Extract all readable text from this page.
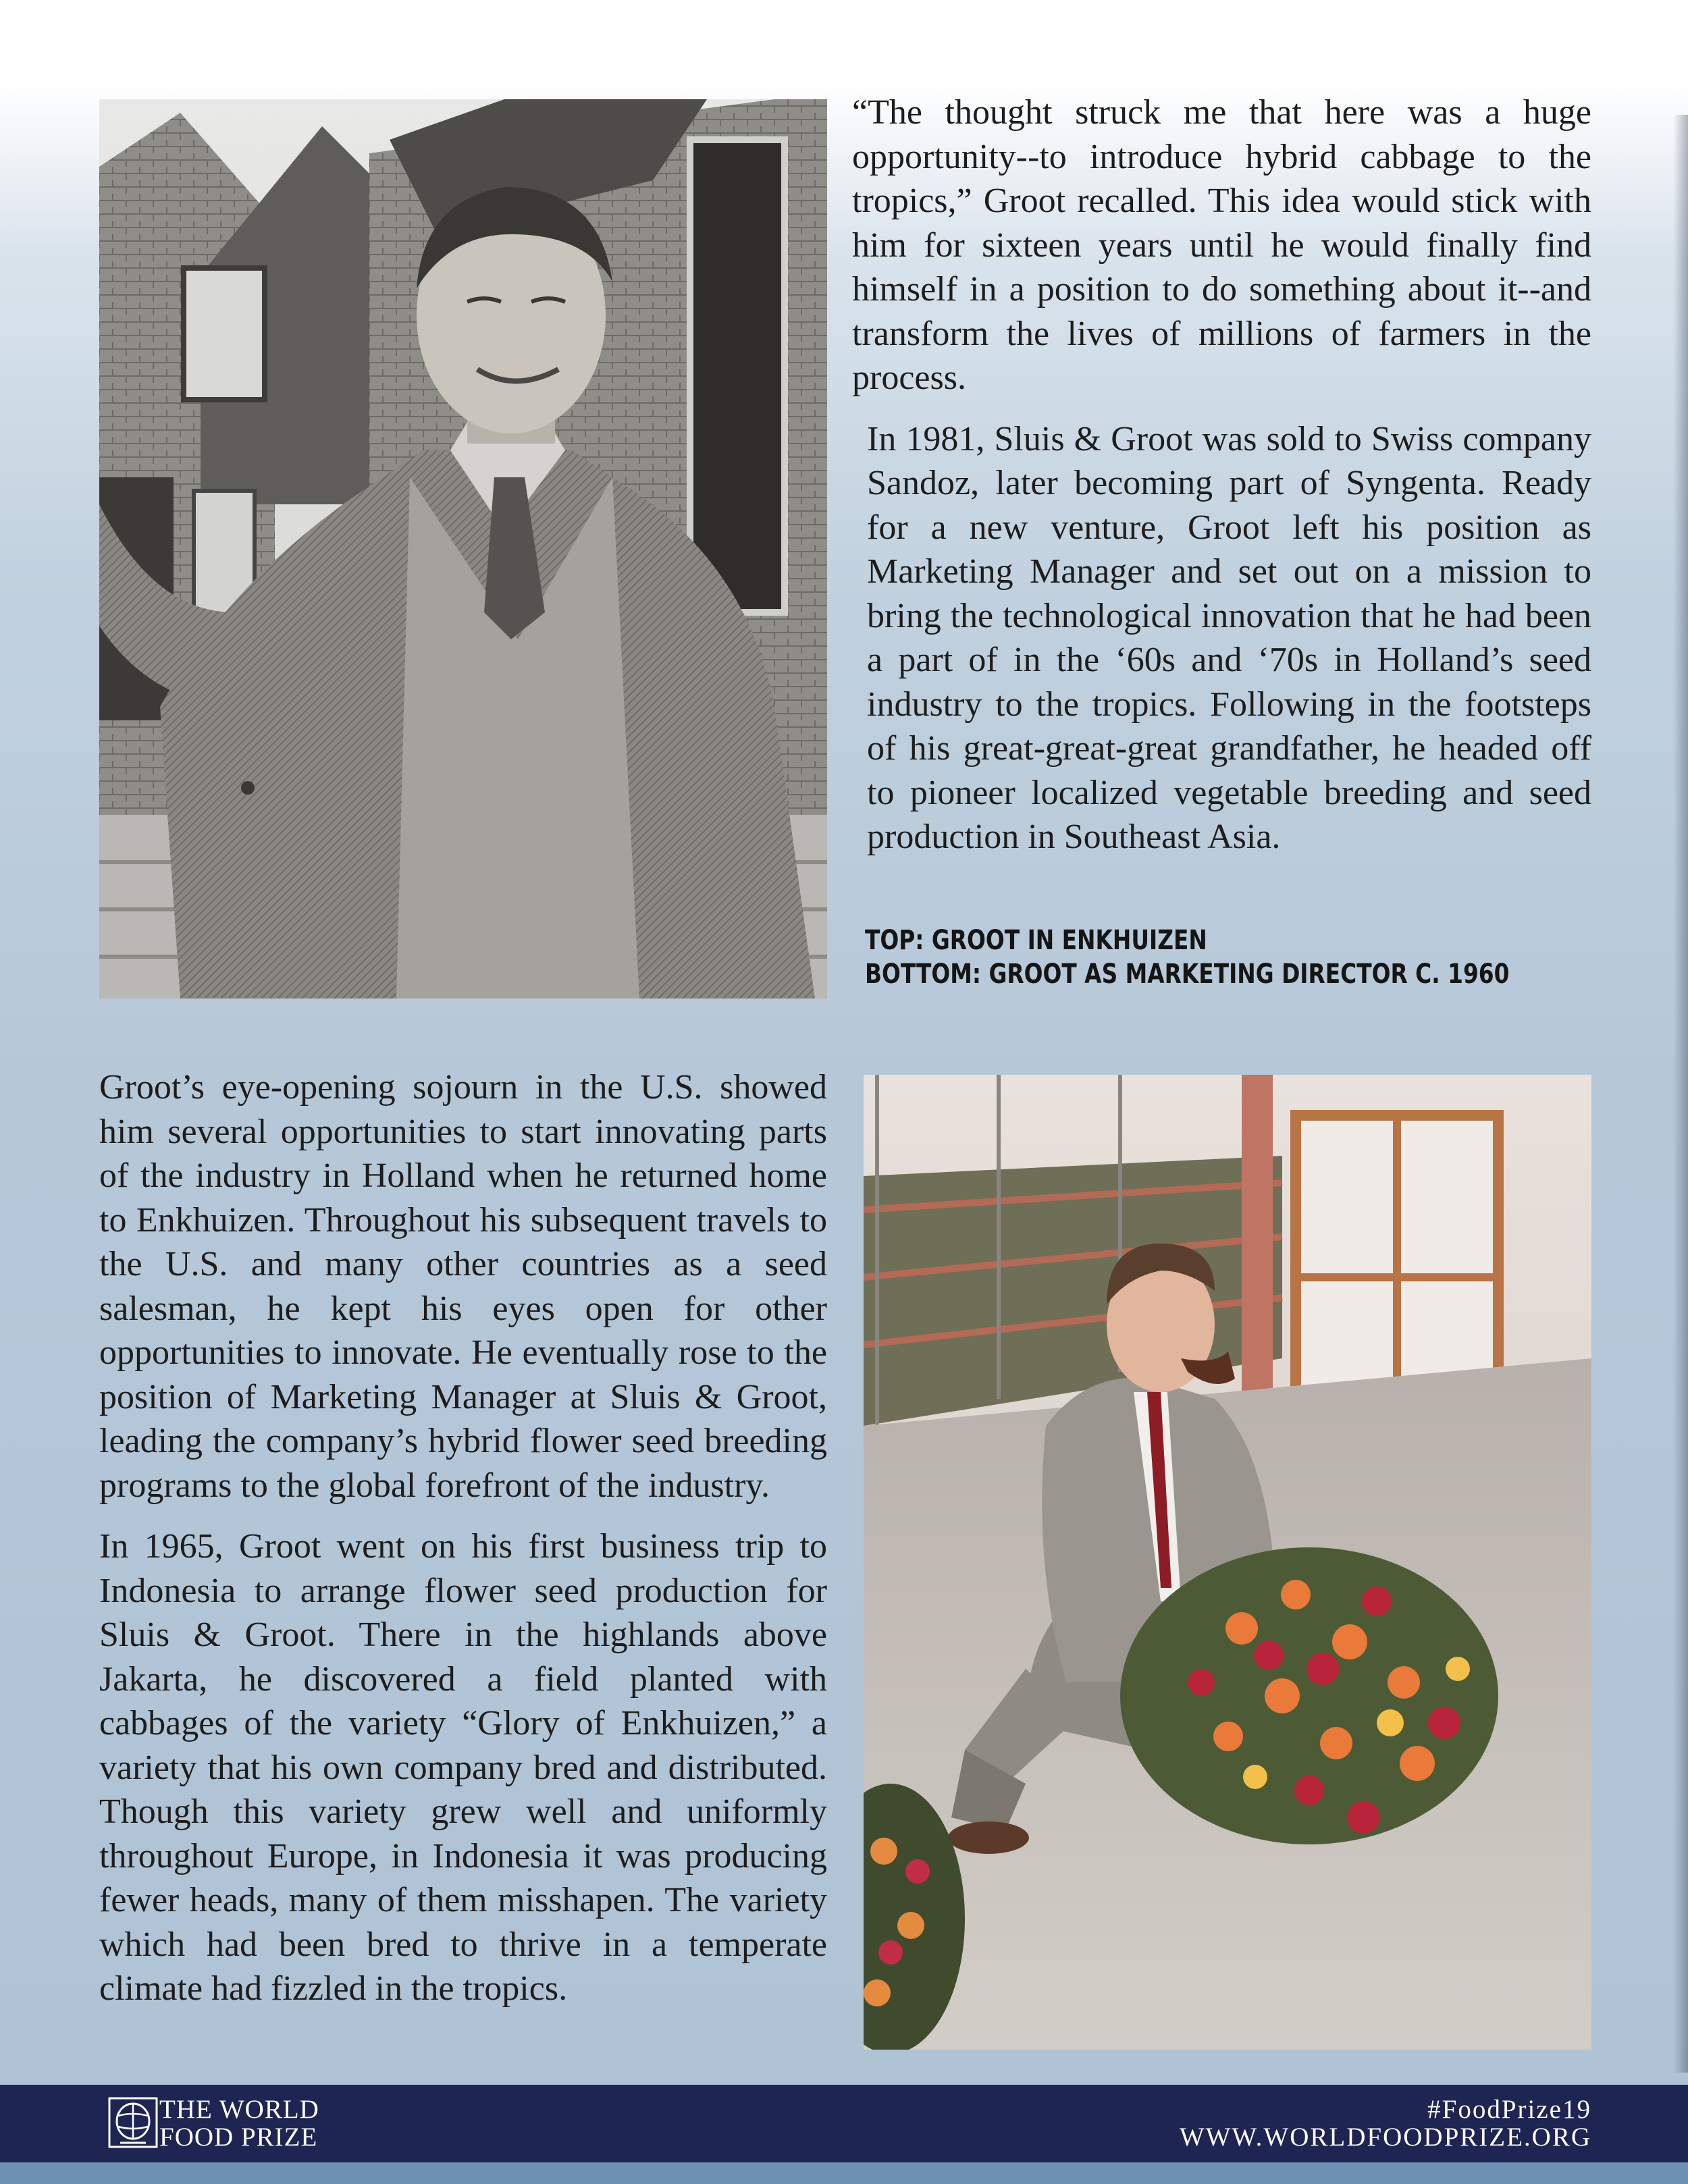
“The thought struck me that here was a huge opportunity--to introduce hybrid cabbage to the tropics,” Groot recalled. This idea would stick with him for sixteen years until he would finally find himself in a position to do something about it--and transform the lives of millions of farmers in the process.

In 1981, Sluis & Groot was sold to Swiss company Sandoz, later becoming part of Syngenta. Ready for a new venture, Groot left his position as Marketing Manager and set out on a mission to bring the technological innovation that he had been a part of in the ‘60s and ‘70s in Holland’s seed industry to the tropics. Following in the footsteps of his great-great-great grandfather, he headed off to pioneer localized vegetable breeding and seed production in Southeast Asia.

TOP: GROOT IN ENKHUIZEN
BOTTOM: GROOT AS MARKETING DIRECTOR C. 1960

Groot’s eye-opening sojourn in the U.S. showed him several opportunities to start innovating parts of the industry in Holland when he returned home to Enkhuizen. Throughout his subsequent travels to the U.S. and many other countries as a seed salesman, he kept his eyes open for other opportunities to innovate. He eventually rose to the position of Marketing Manager at Sluis & Groot, leading the company’s hybrid flower seed breeding programs to the global forefront of the industry.

In 1965, Groot went on his first business trip to Indonesia to arrange flower seed production for Sluis & Groot. There in the highlands above Jakarta, he discovered a field planted with cabbages of the variety “Glory of Enkhuizen,” a variety that his own company bred and distributed. Though this variety grew well and uniformly throughout Europe, in Indonesia it was producing fewer heads, many of them misshapen. The variety which had been bred to thrive in a temperate climate had fizzled in the tropics.

THE WORLD
FOOD PRIZE
#FoodPrize19
WWW.WORLDFOODPRIZE.ORG
